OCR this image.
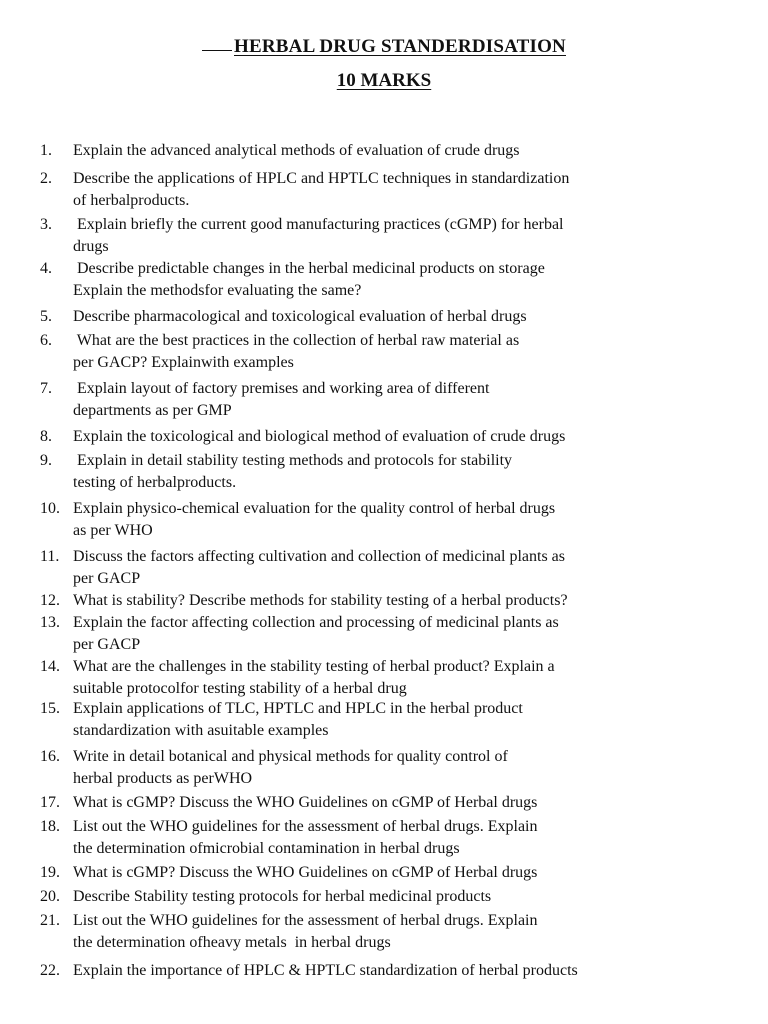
HERBAL DRUG STANDERDISATION
10 MARKS
1. Explain the advanced analytical methods of evaluation of crude drugs
2. Describe the applications of HPLC and HPTLC techniques in standardization
of herbalproducts.
3. Explain briefly the current good manufacturing practices (cGMP) for herbal
drugs
4. Describe predictable changes in the herbal medicinal products on storage
Explain the methodsfor evaluating the same?
5. Describe pharmacological and toxicological evaluation of herbal drugs
6. What are the best practices in the collection of herbal raw material as
per GACP? Explainwith examples
7. Explain layout of factory premises and working area of different
departments as per GMP
8. Explain the toxicological and biological method of evaluation of crude drugs
9. Explain in detail stability testing methods and protocols for stability
testing of herbalproducts.
10. Explain physico-chemical evaluation for the quality control of herbal drugs
as per WHO
11. Discuss the factors affecting cultivation and collection of medicinal plants as
per GACP
12. What is stability? Describe methods for stability testing of a herbal products?
13. Explain the factor affecting collection and processing of medicinal plants as
per GACP
14. What are the challenges in the stability testing of herbal product? Explain a
suitable protocolfor testing stability of a herbal drug
15. Explain applications of TLC, HPTLC and HPLC in the herbal product
standardization with asuitable examples
16. Write in detail botanical and physical methods for quality control of
herbal products as perWHO
17. What is cGMP? Discuss the WHO Guidelines on cGMP of Herbal drugs
18. List out the WHO guidelines for the assessment of herbal drugs. Explain
the determination ofmicrobial contamination in herbal drugs
19. What is cGMP? Discuss the WHO Guidelines on cGMP of Herbal drugs
20. Describe Stability testing protocols for herbal medicinal products
21. List out the WHO guidelines for the assessment of herbal drugs. Explain
the determination ofheavy metals  in herbal drugs
22. Explain the importance of HPLC & HPTLC standardization of herbal products
